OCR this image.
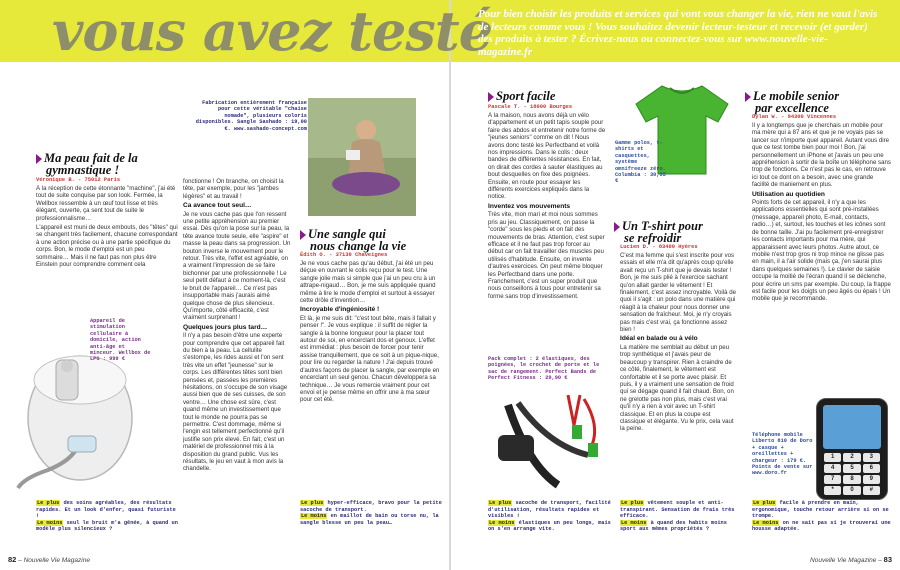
vous avez testé
Pour bien choisir les produits et services qui vont vous changer la vie, rien ne vaut l'avis de lecteurs comme vous ! Vous souhaitez devenir lecteur-testeur et recevoir (et garder) des produits à tester ? Écrivez-nous ou connectez-vous sur www.nouvelle-vie-magazine.fr
Ma peau fait de la
gymnastique !
Véronique B. - 75012 Paris

À la réception de cette étonnante "machine", j'ai été tout de suite conquise par son look. Fermée, la Wellbox ressemble à un œuf tout lisse et très élégant, ouverte, ça sent tout de suite le professionnalisme…

L'appareil est muni de deux embouts, des "têtes" qui se changent très facilement, chacune correspondant à une action précise ou à une partie spécifique du corps. Bon, le mode d'emploi est un peu sommaire… Mais il ne faut pas non plus être Einstein pour comprendre comment cela

fonctionne ! On branche, on choisit la tête, par exemple, pour les "jambes légères" et au travail !

Ca avance tout seul…

Je ne vous cache pas que l'on ressent une petite appréhension au premier essai. Dès qu'on la pose sur la peau, la tête avance toute seule, elle "aspire" et masse la peau dans sa progression. Un bouton inverse le mouvement pour le retour. Très vite, l'effet est agréable, on a vraiment l'impression de se faire bichonner par une professionnelle ! Le seul petit défaut à ce moment-là, c'est le bruit de l'appareil… Ce n'est pas insupportable mais j'aurais aimé quelque chose de plus silencieux. Qu'importe, côté efficacité, c'est vraiment surprenant !

Quelques jours plus tard…

Il n'y a pas besoin d'être une experte pour comprendre que cet appareil fait du bien à la peau. La cellulite s'estompe, les rides aussi et l'on sent très vite un effet "jeunesse" sur le corps. Les différentes têtes sont bien pensées et, passées les premières hésitations, on s'occupe de son visage aussi bien que de ses cuisses, de son ventre… Une chose est sûre, c'est quand même un investissement que tout le monde ne pourra pas se permettre. C'est dommage, même si l'engin est tellement perfectionné qu'il justifie son prix élevé. En fait, c'est un matériel de professionnel mis à la disposition du grand public. Vus les résultats, le jeu en vaut à mon avis la chandelle.

Appareil de stimulation cellulaire à domicile, action anti-âge et minceur. Wellbox de LPG : 999 €
Le plus des soins agréables, des résultats rapides. Et un look d'enfer, quasi futuriste !
Le moins seul le bruit m'a gênée, à quand un modèle plus silencieux ?
Fabrication entièrement française pour cette véritable "chaise nomade", plusieurs coloris disponibles. Sangle Sashado : 19,00 €. www.sashado-concept.com
Une sangle qui
nous change la vie
Édith O. - 37130 Chaveignes

Je ne vous cache pas qu'au début, j'ai été un peu déçue en ouvrant le colis reçu pour le test. Une sangle jolie mais si simple que j'ai un peu cru à un attrape-nigaud… Bon, je me suis appliquée quand même à lire le mode d'emploi et surtout à essayer cette drôle d'invention…

Incroyable d'ingéniosité !

Et là, je me suis dit: "c'est tout bête, mais il fallait y penser !". Je vous explique : il suffit de régler la sangle à la bonne longueur pour la placer tout autour de soi, en encerclant dos et genoux. L'effet est immédiat : plus besoin de forcer pour tenir assise tranquillement, que ce soit à un pique-nique, pour lire ou regarder la nature ! J'ai depuis trouvé d'autres façons de placer la sangle, par exemple en encerclant un seul genou. Chacun développera sa technique… Je vous remercie vraiment pour cet envoi et je pense même en offrir une à ma sœur pour cet été.

Le plus hyper-efficace, bravo pour la petite sacoche de transport.
Le moins en maillot de bain ou torse nu, la sangle blesse un peu la peau…
82 – Nouvelle Vie Magazine
Sport facile
Pascale T. - 18000 Bourges

À la maison, nous avons déjà un vélo d'appartement et un petit tapis souple pour faire des abdos et entretenir notre forme de "jeunes seniors" comme on dit ! Nous avons donc testé les Perfectband et voilà nos impressions. Dans le colis : deux bandes de différentes résistances. En fait, on dirait des cordes à sauter élastiques au bout desquelles on fixe des poignées. Ensuite, en route pour essayer les différents exercices expliqués dans la notice.

Inventez vos mouvements

Très vite, mon mari et moi nous sommes pris au jeu. Classiquement, on passe la "corde" sous les pieds et on fait des mouvements de bras. Attention, c'est super efficace et il ne faut pas trop forcer au début car on fait travailler des muscles peu utilisés d'habitude. Ensuite, on invente d'autres exercices. On peut même bloquer les Perfectband dans une porte. Franchement, c'est un super produit que nous conseillons à tous pour entretenir sa forme sans trop d'investissement.

Pack complet : 2 élastiques, des poignées, le crochet de porte et le sac de rangement. Perfect Bands de Perfect Fitness : 29,90 €
Le plus sacoche de transport, facilité d'utilisation, résultats rapides et visibles !
Le moins élastiques un peu longs, mais on s'en arrange vite.
Gamme polos, t-shirts et casquettes, système omnifreeze zéro. Columbia : 30,95 €
Un T-shirt pour
se refroidir
Lucien D. - 83400 Hyères

C'est ma femme qui s'est inscrite pour vos essais et elle m'a dit qu'après coup qu'elle avait reçu un T-shirt que je devais tester ! Bon, je me suis plié à l'exercice sachant qu'on allait garder le vêtement ! Et finalement, c'est assez incroyable. Voilà de quoi il s'agit : un polo dans une matière qui réagit à la chaleur pour nous donner une sensation de fraîcheur. Moi, je n'y croyais pas mais c'est vrai, ça fonctionne assez bien !

Idéal en balade ou à vélo

La matière me semblait au début un peu trop synthétique et j'avais peur de beaucoup y transpirer. Rien à craindre de ce côté, finalement, le vêtement est confortable et il se porte avec plaisir. Et puis, il y a vraiment une sensation de froid qui se dégage quand il fait chaud. Bon, on ne grelotte pas non plus, mais c'est vrai qu'il n'y a rien à voir avec un T-shirt classique. Et en plus la coupe est classique et élégante. Vu le prix, cela vaut la peine.

Le plus vêtement souple et anti-transpirant. Sensation de frais très efficace.
Le moins à quand des habits moins sport aux mêmes propriétés ?
Le mobile senior
par excellence
Dylan W. - 94300 Vincennes

Il y a longtemps que je cherchais un mobile pour ma mère qui a 87 ans et que je ne voyais pas se lancer sur n'importe quel appareil. Autant vous dire que ce test tombe bien pour moi ! Bon, j'ai personnellement un iPhone et j'avais un peu une appréhension à sortir de la boîte un téléphone sans trop de fonctions. Ce n'est pas le cas, en retrouve ici tout ce dont on a besoin, avec une grande facilité de maniement en plus.

Utilisation au quotidien

Points forts de cet appareil, il n'y a que les applications essentielles qui sont pré-installées (message, appareil photo, E-mail, contacts, radio…) et, surtout, les touches et les icônes sont de bonne taille. J'ai pu facilement pré-enregistrer les contacts importants pour ma mère, qui apparaissent avec leurs photos. Autre atout, ce mobile n'est trop gros ni trop mince ne glisse pas en main, il a l'air solide (mais ça, j'en saurai plus dans quelques semaines !). Le clavier de saisie occupe la moitié de l'écran quand il se déclenche, pour écrire un sms par exemple. Du coup, la frappe est facile pour les doigts un peu âgés ou épais ! Un mobile que je recommande.

Téléphone mobile Liberto 810 de Doro + casque + oreillettes + chargeur : 179 €. Points de vente sur www.doro.fr
1	2	3
4	5	6
7	8	9
*	0	#
Le plus facile à prendre en main, ergonomique, touche retour arrière si on se trompe.
Le moins on ne sait pas si je trouverai une housse adaptée.
Nouvelle Vie Magazine – 83
